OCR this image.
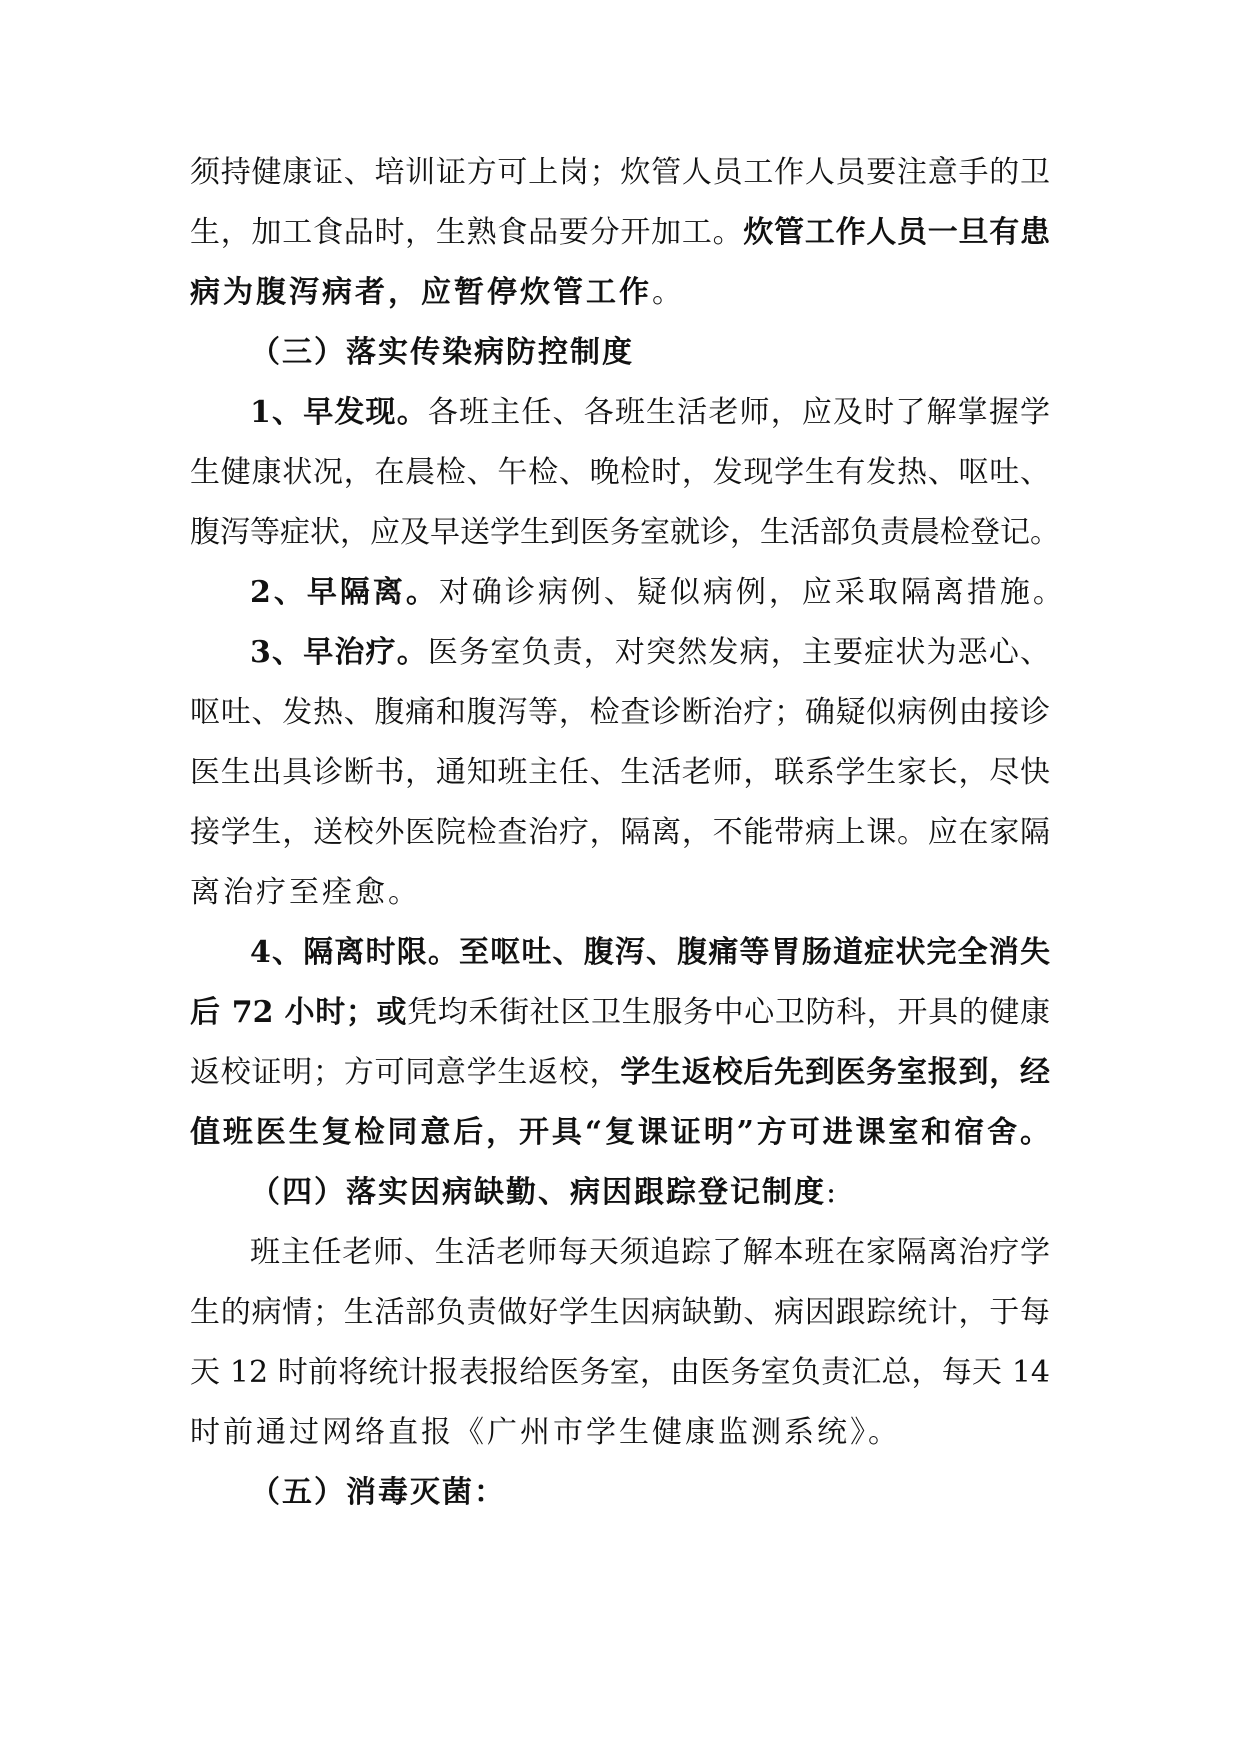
须持健康证、培训证方可上岗；炊管人员工作人员要注意手的卫
生，加工食品时，生熟食品要分开加工。炊管工作人员一旦有患
病为腹泻病者，应暂停炊管工作。
（三）落实传染病防控制度
1、早发现。各班主任、各班生活老师，应及时了解掌握学
生健康状况，在晨检、午检、晚检时，发现学生有发热、呕吐、
腹泻等症状，应及早送学生到医务室就诊，生活部负责晨检登记。
2、早隔离。对确诊病例、疑似病例，应采取隔离措施。
3、早治疗。医务室负责，对突然发病，主要症状为恶心、
呕吐、发热、腹痛和腹泻等，检查诊断治疗；确疑似病例由接诊
医生出具诊断书，通知班主任、生活老师，联系学生家长，尽快
接学生，送校外医院检查治疗，隔离，不能带病上课。应在家隔
离治疗至痊愈。
4、隔离时限。至呕吐、腹泻、腹痛等胃肠道症状完全消失
后 72 小时；或凭均禾街社区卫生服务中心卫防科，开具的健康
返校证明；方可同意学生返校，学生返校后先到医务室报到，经
值班医生复检同意后，开具“复课证明”方可进课室和宿舍。
（四）落实因病缺勤、病因跟踪登记制度:
班主任老师、生活老师每天须追踪了解本班在家隔离治疗学
生的病情；生活部负责做好学生因病缺勤、病因跟踪统计，于每
天 12 时前将统计报表报给医务室，由医务室负责汇总，每天 14
时前通过网络直报《广州市学生健康监测系统》。
（五）消毒灭菌：
